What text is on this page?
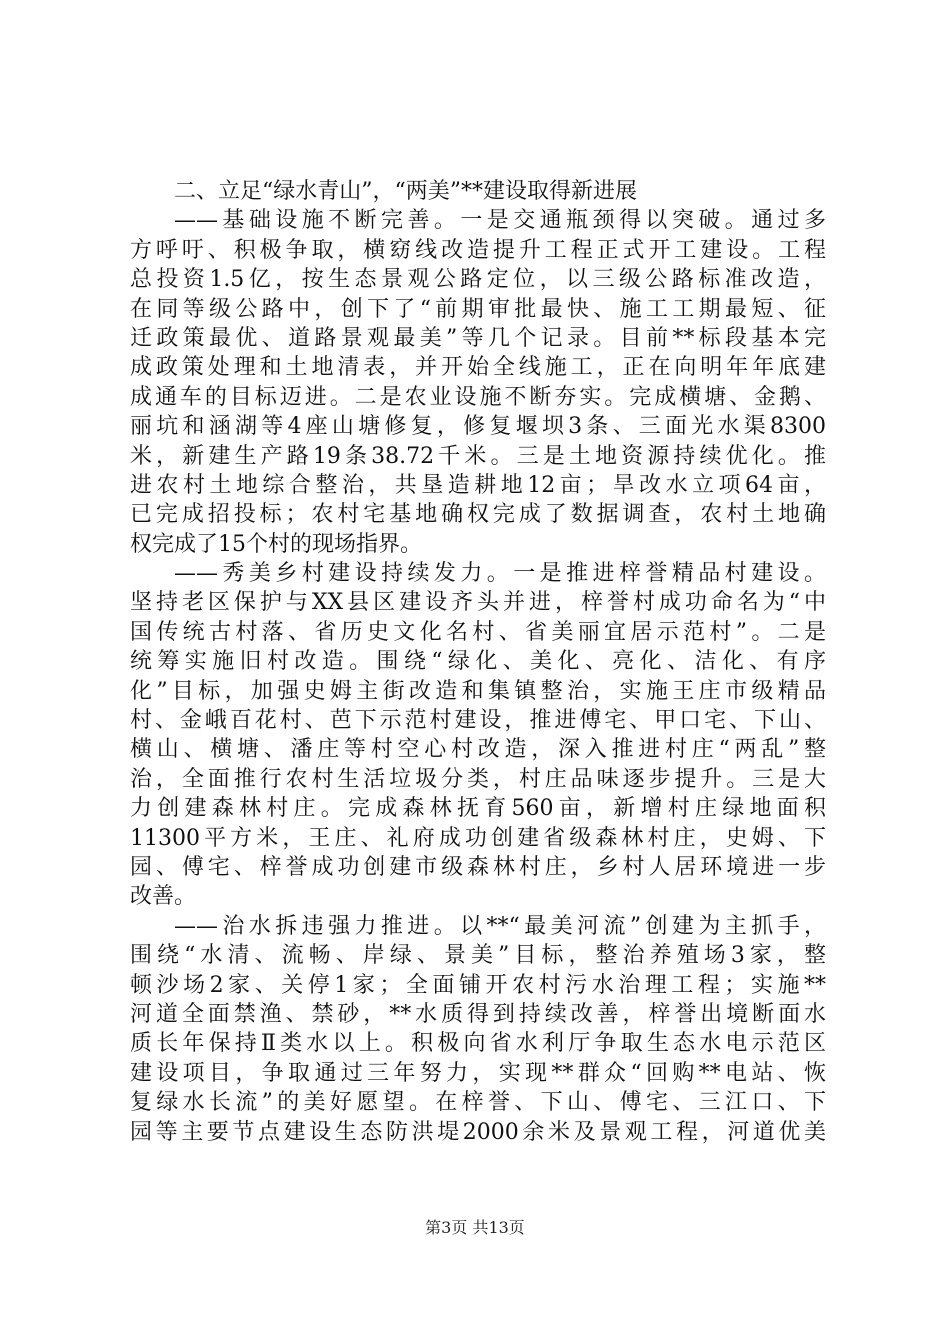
二、立足“绿水青山”，“两美”**建设取得新进展
——基础设施不断完善。一是交通瓶颈得以突破。通过多
方呼吁、积极争取，横窈线改造提升工程正式开工建设。工程
总投资1.5亿，按生态景观公路定位，以三级公路标准改造，
在同等级公路中，创下了“前期审批最快、施工工期最短、征
迁政策最优、道路景观最美”等几个记录。目前**标段基本完
成政策处理和土地清表，并开始全线施工，正在向明年年底建
成通车的目标迈进。二是农业设施不断夯实。完成横塘、金鹅、
丽坑和涵湖等4座山塘修复，修复堰坝3条、三面光水渠8300
米，新建生产路19条38.72千米。三是土地资源持续优化。推
进农村土地综合整治，共垦造耕地12亩；旱改水立项64亩，
已完成招投标；农村宅基地确权完成了数据调查，农村土地确
权完成了15个村的现场指界。
——秀美乡村建设持续发力。一是推进梓誉精品村建设。
坚持老区保护与XX县区建设齐头并进，梓誉村成功命名为“中
国传统古村落、省历史文化名村、省美丽宜居示范村”。二是
统筹实施旧村改造。围绕“绿化、美化、亮化、洁化、有序
化”目标，加强史姆主街改造和集镇整治，实施王庄市级精品
村、金峨百花村、芭下示范村建设，推进傅宅、甲口宅、下山、
横山、横塘、潘庄等村空心村改造，深入推进村庄“两乱”整
治，全面推行农村生活垃圾分类，村庄品味逐步提升。三是大
力创建森林村庄。完成森林抚育560亩，新增村庄绿地面积
11300平方米，王庄、礼府成功创建省级森林村庄，史姆、下
园、傅宅、梓誉成功创建市级森林村庄，乡村人居环境进一步
改善。
——治水拆违强力推进。以**“最美河流”创建为主抓手，
围绕“水清、流畅、岸绿、景美”目标，整治养殖场3家，整
顿沙场2家、关停1家；全面铺开农村污水治理工程；实施**
河道全面禁渔、禁砂，**水质得到持续改善，梓誉出境断面水
质长年保持Ⅱ类水以上。积极向省水利厅争取生态水电示范区
建设项目，争取通过三年努力，实现**群众“回购**电站、恢
复绿水长流”的美好愿望。在梓誉、下山、傅宅、三江口、下
园等主要节点建设生态防洪堤2000余米及景观工程，河道优美
第3页 共13页
